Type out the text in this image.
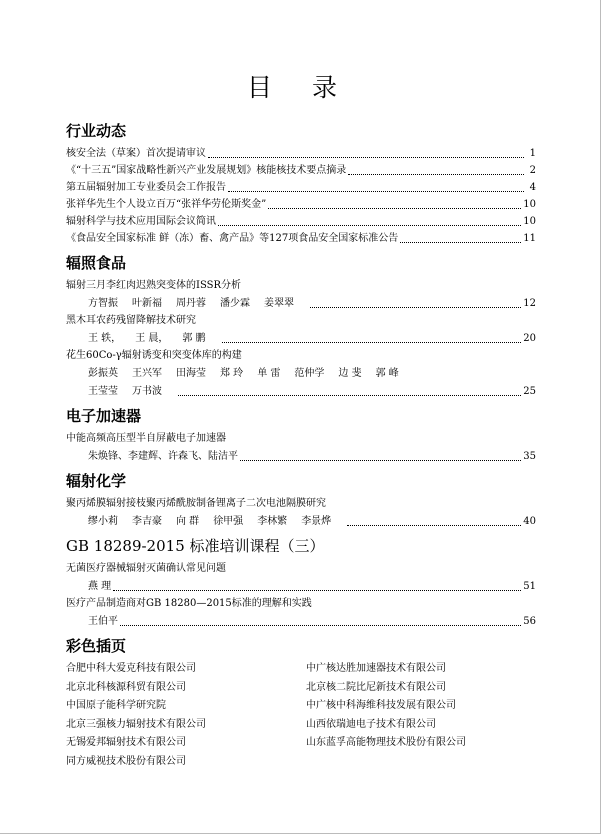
目 录
行业动态
核安全法（草案）首次提请审议	1
《“十三五”国家战略性新兴产业发展规划》核能核技术要点摘录	2
第五届辐射加工专业委员会工作报告	4
张祥华先生个人设立百万“张祥华劳伦斯奖金”	10
辐射科学与技术应用国际会议简讯	10
《食品安全国家标准 鲜（冻）畜、禽产品》等127项食品安全国家标准公告	11
辐照食品
辐射三月李红肉迟熟突变体的ISSR分析
方智振 叶新福 周丹蓉 潘少霖 姜翠翠	12
黑木耳农药残留降解技术研究
王 轶， 王 晨， 郭 鹏	20
花生60Co-γ辐射诱变和突变体库的构建
彭振英 王兴军 田海莹 郑 玲 单 雷 范仲学 边 斐 郭 峰
王莹莹 万书波	25
电子加速器
中能高频高压型半自屏蔽电子加速器
朱焕锋、李建辉、许森飞、陆洁平	35
辐射化学
聚丙烯膜辐射接枝聚丙烯酰胺制备锂离子二次电池隔膜研究
缪小莉 李吉豪 向 群 徐甲强 李林繁 李景烨	40
GB 18289-2015 标准培训课程（三）
无菌医疗器械辐射灭菌确认常见问题
燕 理	51
医疗产品制造商对GB 18280—2015标准的理解和实践
王伯平	56
彩色插页
合肥中科大爱克科技有限公司	中广核达胜加速器技术有限公司
北京北科核源科贸有限公司	北京核二院比尼新技术有限公司
中国原子能科学研究院	中广核中科海维科技发展有限公司
北京三强核力辐射技术有限公司	山西依瑞迪电子技术有限公司
无锡爱邦辐射技术有限公司	山东蓝孚高能物理技术股份有限公司
同方威视技术股份有限公司
